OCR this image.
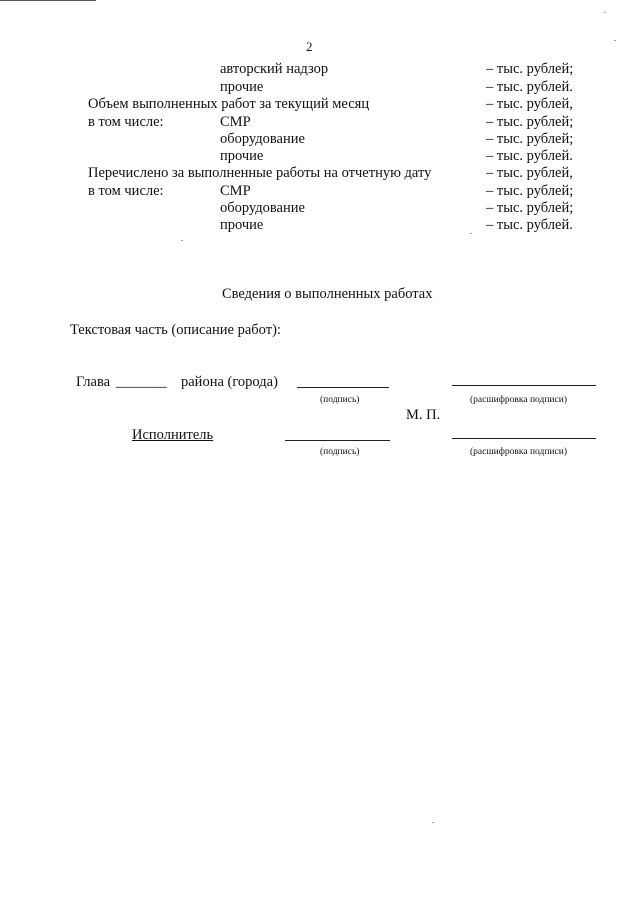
2
авторский надзор	– тыс. рублей;
прочие	– тыс. рублей.
Объем выполненных работ за текущий месяц	– тыс. рублей,
в том числе:	СМР	– тыс. рублей;
оборудование	– тыс. рублей;
прочие	– тыс. рублей.
Перечислено за выполненные работы на отчетную дату	– тыс. рублей,
в том числе:	СМР	– тыс. рублей;
оборудование	– тыс. рублей;
прочие	– тыс. рублей.
Сведения о выполненных работах
Текстовая часть (описание работ):
Глава _______ района (города)
(подпись)	(расшифровка подписи)
М. П.
Исполнитель
(подпись)	(расшифровка подписи)
